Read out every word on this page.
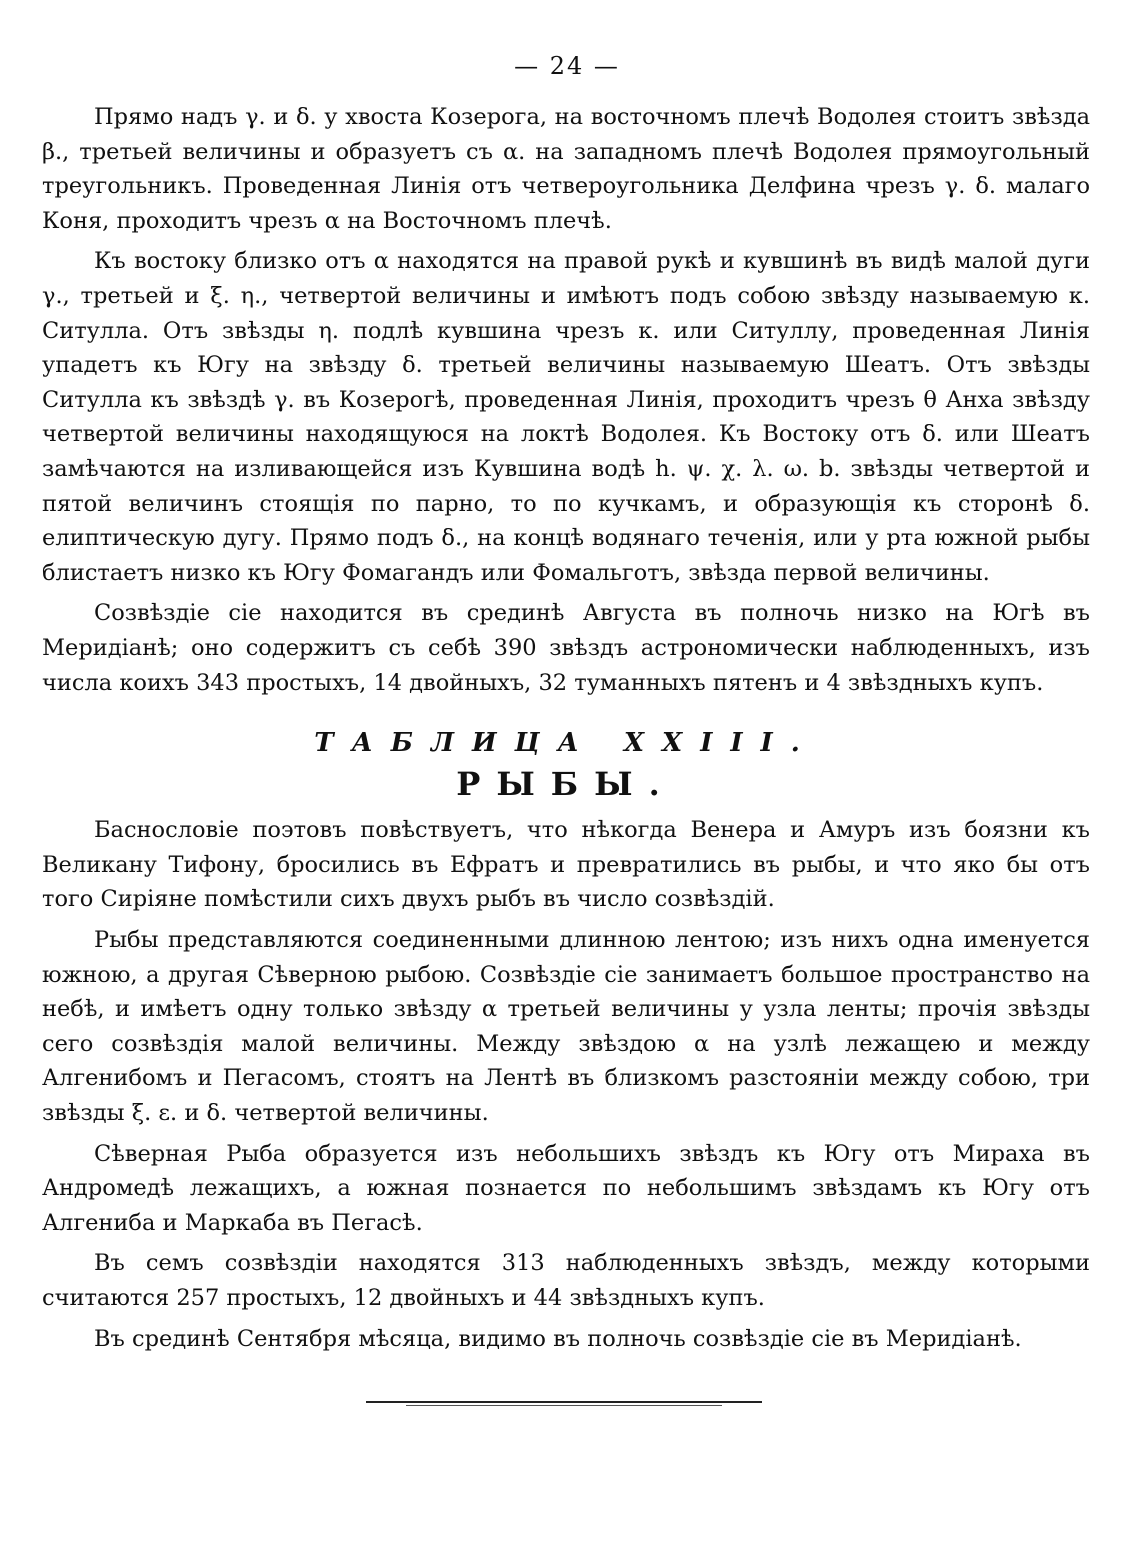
— 24 —

Прямо надъ γ. и δ. у хвоста Козерога, на восточномъ плечѣ Водолея стоитъ звѣзда β., третьей величины и образуетъ съ α. на западномъ плечѣ Водолея прямоугольный треугольникъ. Проведенная Линія отъ четвероугольника Делфина чрезъ γ. δ. малаго Коня, проходитъ чрезъ α на Восточномъ плечѣ.

Къ востоку близко отъ α находятся на правой рукѣ и кувшинѣ въ видѣ малой дуги γ., третьей и ξ. η., четвертой величины и имѣютъ подъ собою звѣзду называемую κ. Ситулла. Отъ звѣзды η. подлѣ кувшина чрезъ κ. или Ситуллу, проведенная Линія упадетъ къ Югу на звѣзду δ. третьей величины называемую Шеатъ. Отъ звѣзды Ситулла къ звѣздѣ γ. въ Козерогѣ, проведенная Линія, проходитъ чрезъ θ Анха звѣзду четвертой величины находящуюся на локтѣ Водолея. Къ Востоку отъ δ. или Шеатъ замѣчаются на изливающейся изъ Кувшина водѣ h. ψ. χ. λ. ω. b. звѣзды четвертой и пятой величинъ стоящія по парно, то по кучкамъ, и образующія къ сторонѣ δ. елиптическую дугу. Прямо подъ δ., на концѣ водянаго теченія, или у рта южной рыбы блистаетъ низко къ Югу Фомагандъ или Фомальготъ, звѣзда первой величины.

Созвѣздіе сіе находится въ срединѣ Августа въ полночь низко на Югѣ въ Меридіанѣ; оно содержитъ съ себѣ 390 звѣздъ астрономически наблюденныхъ, изъ числа коихъ 343 простыхъ, 14 двойныхъ, 32 туманныхъ пятенъ и 4 звѣздныхъ купъ.

ТАБЛИЦА XXIII.
РЫБЫ.

Баснословіе поэтовъ повѣствуетъ, что нѣкогда Венера и Амуръ изъ боязни къ Великану Тифону, бросились въ Ефратъ и превратились въ рыбы, и что яко бы отъ того Сиріяне помѣстили сихъ двухъ рыбъ въ число созвѣздій.

Рыбы представляются соединенными длинною лентою; изъ нихъ одна именуется южною, а другая Сѣверною рыбою. Созвѣздіе сіе занимаетъ большое пространство на небѣ, и имѣетъ одну только звѣзду α третьей величины у узла ленты; прочія звѣзды сего созвѣздія малой величины. Между звѣздою α на узлѣ лежащею и между Алгенибомъ и Пегасомъ, стоятъ на Лентѣ въ близкомъ разстояніи между собою, три звѣзды ξ. ε. и δ. четвертой величины.

Сѣверная Рыба образуется изъ небольшихъ звѣздъ къ Югу отъ Мираха въ Андромедѣ лежащихъ, а южная познается по небольшимъ звѣздамъ къ Югу отъ Алгениба и Маркаба въ Пегасѣ.

Въ семъ созвѣздіи находятся 313 наблюденныхъ звѣздъ, между которыми считаются 257 простыхъ, 12 двойныхъ и 44 звѣздныхъ купъ.

Въ срединѣ Сентября мѣсяца, видимо въ полночь созвѣздіе сіе въ Меридіанѣ.
